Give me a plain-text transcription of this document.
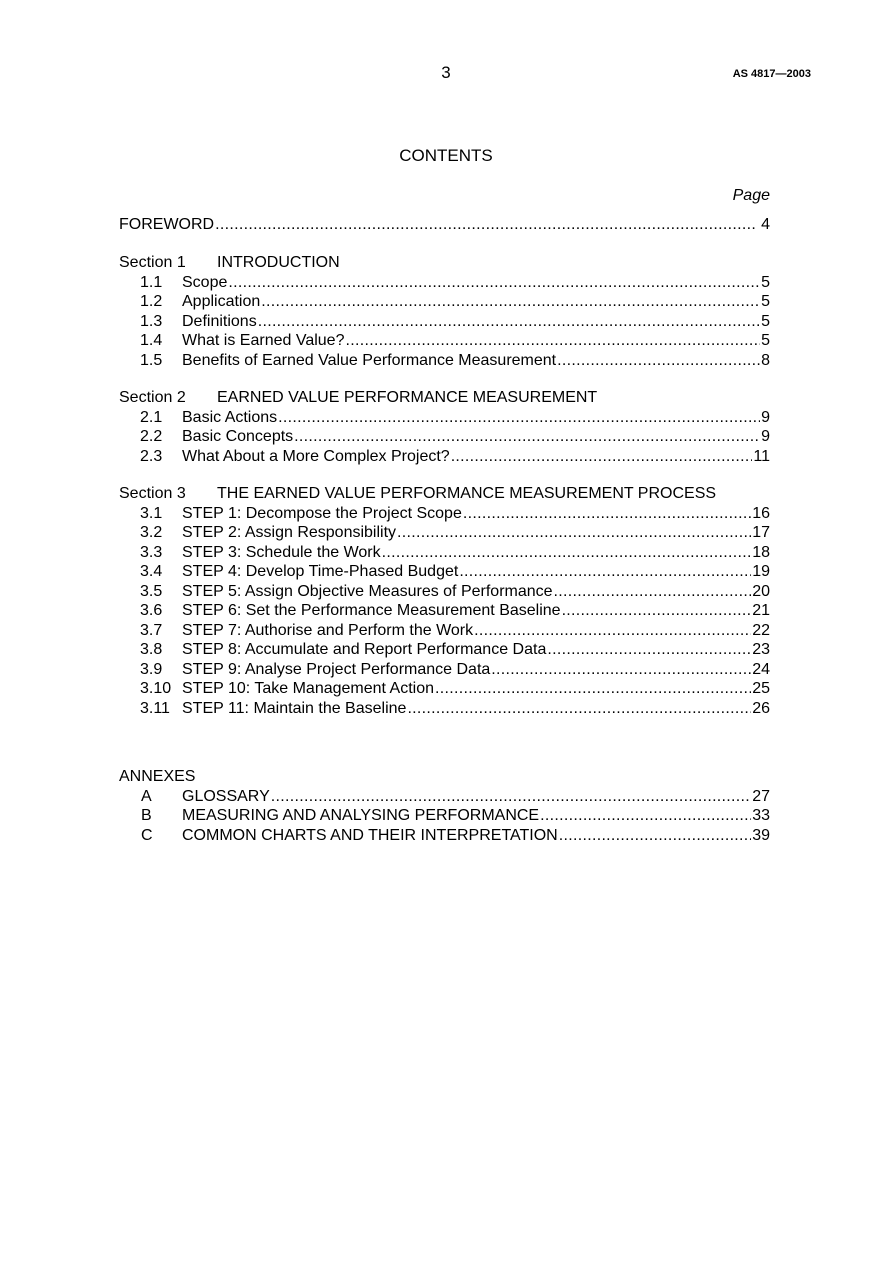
3	AS 4817—2003
CONTENTS
Page
FOREWORD .....	4
Section 1	INTRODUCTION
1.1	Scope .....	5
1.2	Application .....	5
1.3	Definitions .....	5
1.4	What is Earned Value? .....	5
1.5	Benefits of Earned Value Performance Measurement .....	8
Section 2	EARNED VALUE PERFORMANCE MEASUREMENT
2.1	Basic Actions .....	9
2.2	Basic Concepts .....	9
2.3	What About a More Complex Project? .....	11
Section 3	THE EARNED VALUE PERFORMANCE MEASUREMENT PROCESS
3.1	STEP 1: Decompose the Project Scope .....	16
3.2	STEP 2: Assign Responsibility .....	17
3.3	STEP 3: Schedule the Work .....	18
3.4	STEP 4: Develop Time-Phased Budget .....	19
3.5	STEP 5: Assign Objective Measures of Performance .....	20
3.6	STEP 6: Set the Performance Measurement Baseline .....	21
3.7	STEP 7: Authorise and Perform the Work .....	22
3.8	STEP 8: Accumulate and Report Performance Data .....	23
3.9	STEP 9: Analyse Project Performance Data .....	24
3.10 STEP 10: Take Management Action .....	25
3.11 STEP 11: Maintain the Baseline .....	26
ANNEXES
A	GLOSSARY .....	27
B	MEASURING AND ANALYSING PERFORMANCE .....	33
C	COMMON CHARTS AND THEIR INTERPRETATION .....	39
